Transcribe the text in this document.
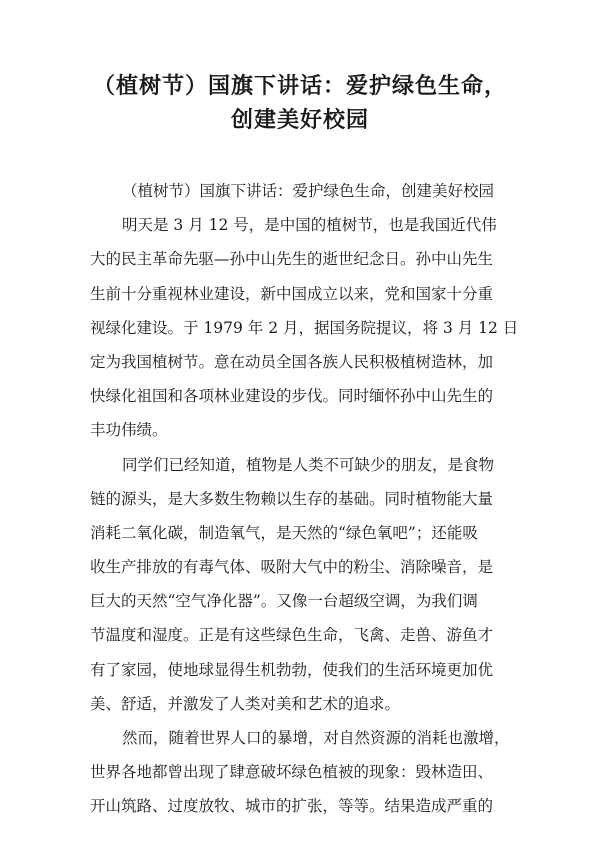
（植树节）国旗下讲话：爱护绿色生命，
创建美好校园
（植树节）国旗下讲话：爱护绿色生命，创建美好校园
明天是 3 月 12 号，是中国的植树节，也是我国近代伟
大的民主革命先驱—孙中山先生的逝世纪念日。孙中山先生
生前十分重视林业建设，新中国成立以来，党和国家十分重
视绿化建设。于 1979 年 2 月，据国务院提议，将 3 月 12 日
定为我国植树节。意在动员全国各族人民积极植树造林，加
快绿化祖国和各项林业建设的步伐。同时缅怀孙中山先生的
丰功伟绩。
同学们已经知道，植物是人类不可缺少的朋友，是食物
链的源头，是大多数生物赖以生存的基础。同时植物能大量
消耗二氧化碳，制造氧气，是天然的“绿色氧吧”；还能吸
收生产排放的有毒气体、吸附大气中的粉尘、消除噪音，是
巨大的天然“空气净化器”。又像一台超级空调，为我们调
节温度和湿度。正是有这些绿色生命，飞禽、走兽、游鱼才
有了家园，使地球显得生机勃勃，使我们的生活环境更加优
美、舒适，并激发了人类对美和艺术的追求。
然而，随着世界人口的暴增，对自然资源的消耗也激增，
世界各地都曾出现了肆意破坏绿色植被的现象：毁林造田、
开山筑路、过度放牧、城市的扩张，等等。结果造成严重的
